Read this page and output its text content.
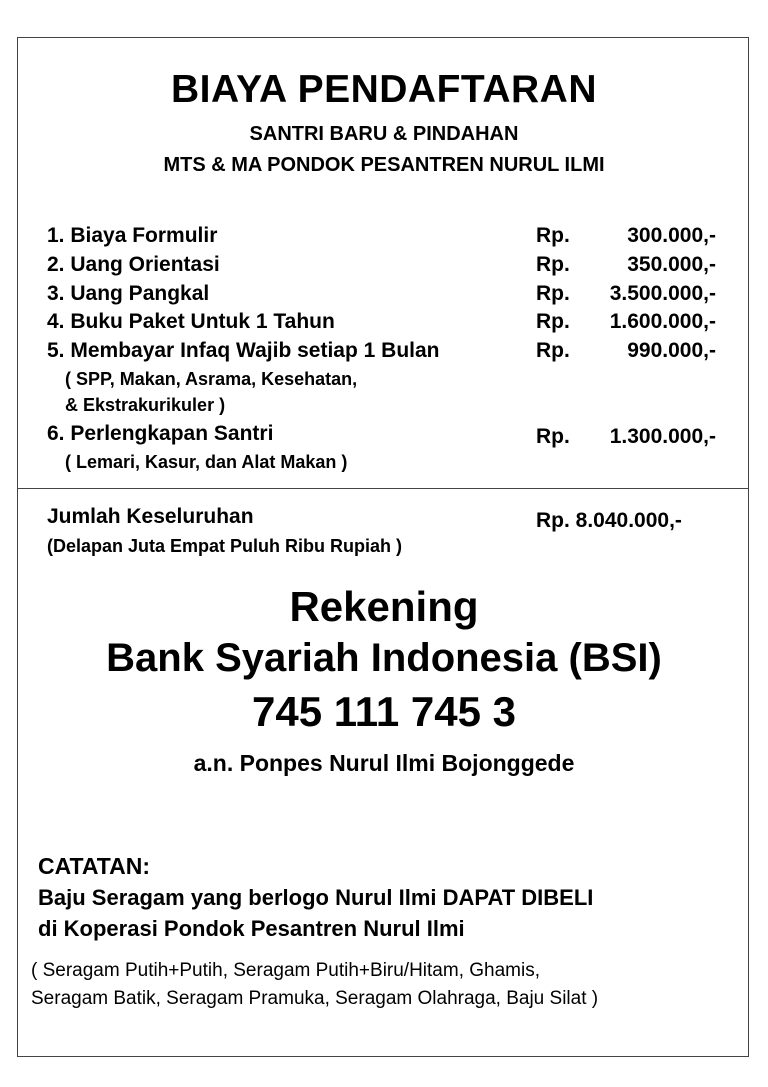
BIAYA PENDAFTARAN
SANTRI BARU & PINDAHAN
MTS & MA PONDOK PESANTREN NURUL ILMI
1. Biaya Formulir	Rp.	300.000,-
2. Uang Orientasi	Rp.	350.000,-
3. Uang Pangkal	Rp. 3.500.000,-
4. Buku Paket Untuk 1 Tahun	Rp. 1.600.000,-
5. Membayar Infaq Wajib setiap 1 Bulan	Rp.	990.000,-
( SPP, Makan, Asrama, Kesehatan,
& Ekstrakurikuler )
6. Perlengkapan Santri	Rp. 1.300.000,-
( Lemari, Kasur, dan Alat Makan )
Jumlah Keseluruhan
(Delapan Juta Empat Puluh Ribu Rupiah )
Rp. 8.040.000,-
Rekening
Bank Syariah Indonesia (BSI)
745 111 745 3
a.n. Ponpes Nurul Ilmi Bojonggede
CATATAN:
Baju Seragam yang berlogo Nurul Ilmi DAPAT DIBELI
di Koperasi Pondok Pesantren Nurul Ilmi
( Seragam Putih+Putih, Seragam Putih+Biru/Hitam, Ghamis,
Seragam Batik, Seragam Pramuka, Seragam Olahraga, Baju Silat )
